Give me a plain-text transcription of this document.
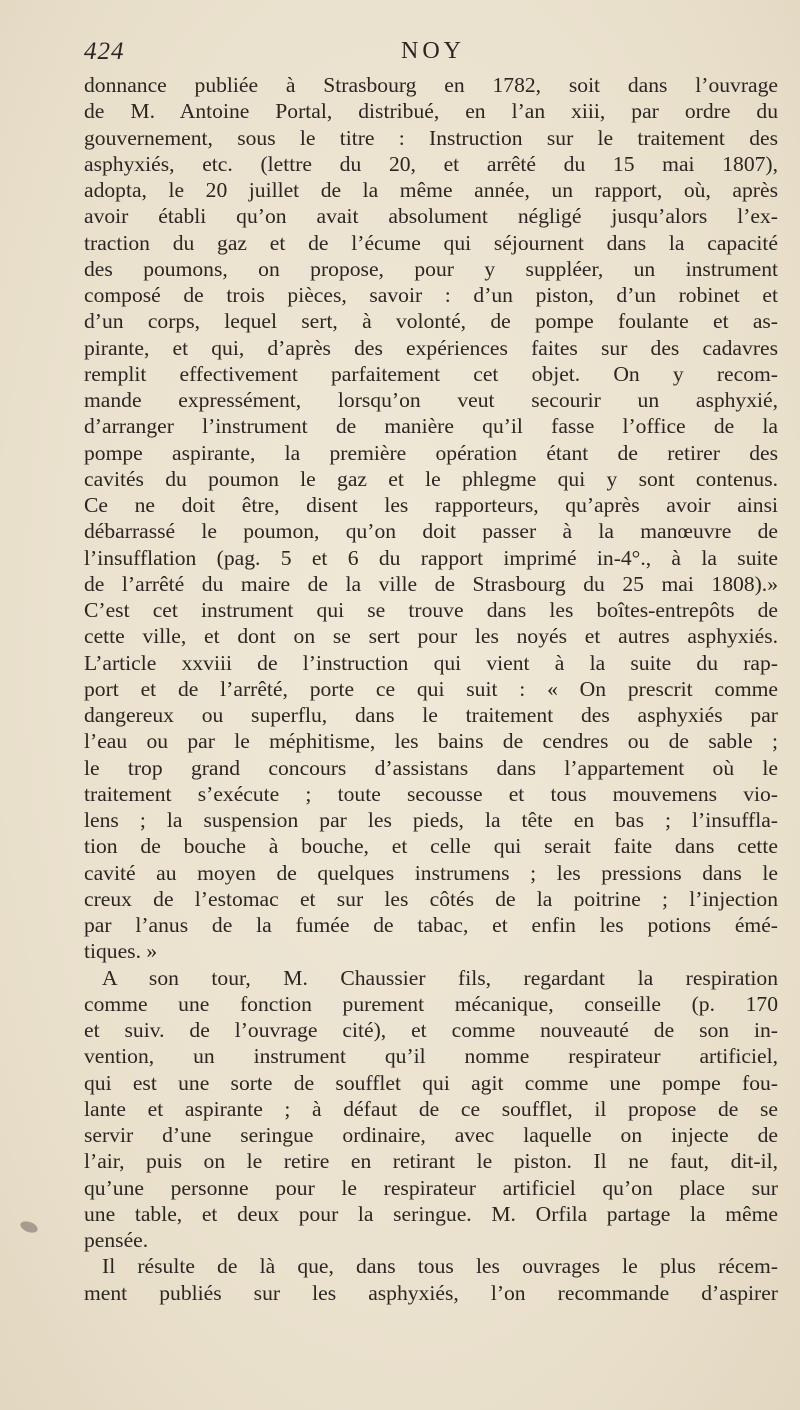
424	NOY
donnance publiée à Strasbourg en 1782, soit dans l’ouvrage
de M. Antoine Portal, distribué, en l’an xiii, par ordre du
gouvernement, sous le titre : Instruction sur le traitement des
asphyxiés, etc. (lettre du 20, et arrêté du 15 mai 1807),
adopta, le 20 juillet de la même année, un rapport, où, après
avoir établi qu’on avait absolument négligé jusqu’alors l’ex-
traction du gaz et de l’écume qui séjournent dans la capacité
des poumons, on propose, pour y suppléer, un instrument
composé de trois pièces, savoir : d’un piston, d’un robinet et
d’un corps, lequel sert, à volonté, de pompe foulante et as-
pirante, et qui, d’après des expériences faites sur des cadavres
remplit effectivement parfaitement cet objet. On y recom-
mande expressément, lorsqu’on veut secourir un asphyxié,
d’arranger l’instrument de manière qu’il fasse l’office de la
pompe aspirante, la première opération étant de retirer des
cavités du poumon le gaz et le phlegme qui y sont contenus.
Ce ne doit être, disent les rapporteurs, qu’après avoir ainsi
débarrassé le poumon, qu’on doit passer à la manœuvre de
l’insufflation (pag. 5 et 6 du rapport imprimé in-4°., à la suite
de l’arrêté du maire de la ville de Strasbourg du 25 mai 1808).»
C’est cet instrument qui se trouve dans les boîtes-entrepôts de
cette ville, et dont on se sert pour les noyés et autres asphyxiés.
L’article xxviii de l’instruction qui vient à la suite du rap-
port et de l’arrêté, porte ce qui suit : « On prescrit comme
dangereux ou superflu, dans le traitement des asphyxiés par
l’eau ou par le méphitisme, les bains de cendres ou de sable ;
le trop grand concours d’assistans dans l’appartement où le
traitement s’exécute ; toute secousse et tous mouvemens vio-
lens ; la suspension par les pieds, la tête en bas ; l’insuffla-
tion de bouche à bouche, et celle qui serait faite dans cette
cavité au moyen de quelques instrumens ; les pressions dans le
creux de l’estomac et sur les côtés de la poitrine ; l’injection
par l’anus de la fumée de tabac, et enfin les potions émé-
tiques. »
A son tour, M. Chaussier fils, regardant la respiration
comme une fonction purement mécanique, conseille (p. 170
et suiv. de l’ouvrage cité), et comme nouveauté de son in-
vention, un instrument qu’il nomme respirateur artificiel,
qui est une sorte de soufflet qui agit comme une pompe fou-
lante et aspirante ; à défaut de ce soufflet, il propose de se
servir d’une seringue ordinaire, avec laquelle on injecte de
l’air, puis on le retire en retirant le piston. Il ne faut, dit-il,
qu’une personne pour le respirateur artificiel qu’on place sur
une table, et deux pour la seringue. M. Orfila partage la même
pensée.
Il résulte de là que, dans tous les ouvrages le plus récem-
ment publiés sur les asphyxiés, l’on recommande d’aspirer
